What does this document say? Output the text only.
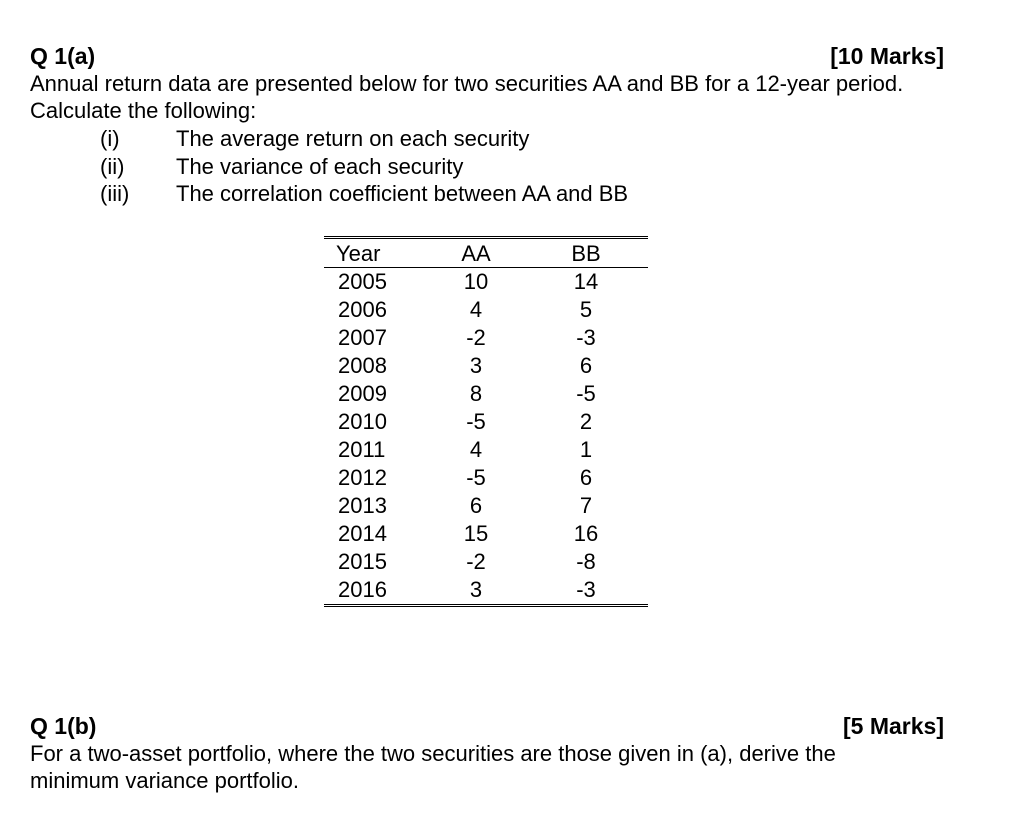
Q 1(a)	[10 Marks]

Annual return data are presented below for two securities AA and BB for a 12-year period. Calculate the following:

(i)	The average return on each security
(ii)	The variance of each security
(iii)	The correlation coefficient between AA and BB
Year	AA	BB
2005	10	14
2006	4	5
2007	-2	-3
2008	3	6
2009	8	-5
2010	-5	2
2011	4	1
2012	-5	6
2013	6	7
2014	15	16
2015	-2	-8
2016	3	-3
Q 1(b)	[5 Marks]

For a two-asset portfolio, where the two securities are those given in (a), derive the minimum variance portfolio.
